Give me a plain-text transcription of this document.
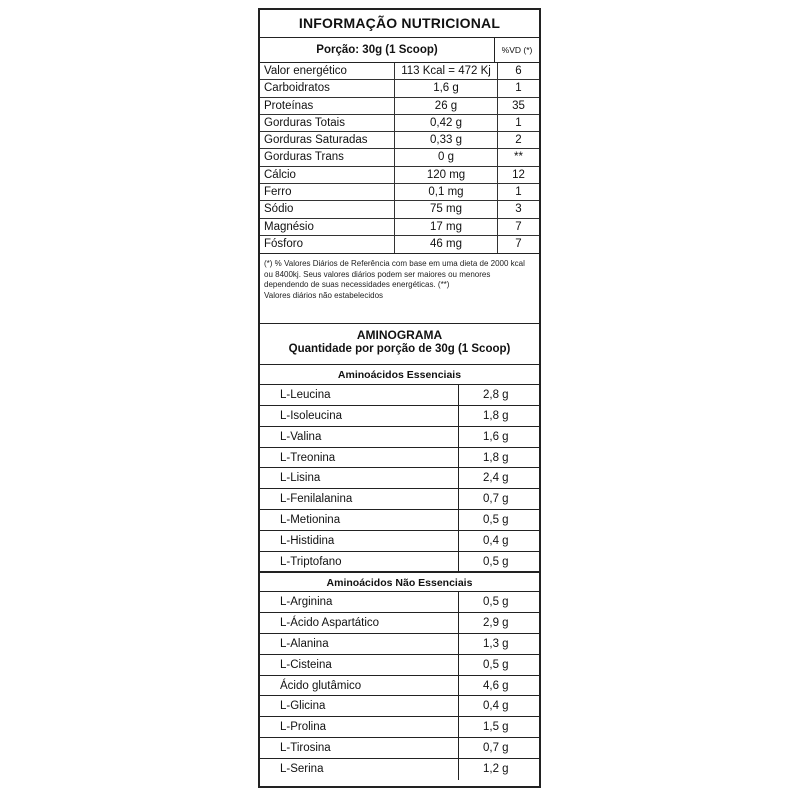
INFORMAÇÃO NUTRICIONAL
Porção: 30g (1 Scoop)	%VD (*)
Valor energético	113 Kcal = 472 Kj	6
Carboidratos	1,6 g	1
Proteínas	26 g	35
Gorduras Totais	0,42 g	1
Gorduras Saturadas	0,33 g	2
Gorduras Trans	0 g	**
Cálcio	120 mg	12
Ferro	0,1 mg	1
Sódio	75 mg	3
Magnésio	17 mg	7
Fósforo	46 mg	7

(*) % Valores Diários de Referência com base em uma dieta de 2000 kcal ou 8400kj. Seus valores diários podem ser maiores ou menores dependendo de suas necessidades energéticas. (**)

Valores diários não estabelecidos

AMINOGRAMA
Quantidade por porção de 30g (1 Scoop)
Aminoácidos Essenciais
L-Leucina	2,8 g
L-Isoleucina	1,8 g
L-Valina	1,6 g
L-Treonina	1,8 g
L-Lisina	2,4 g
L-Fenilalanina	0,7 g
L-Metionina	0,5 g
L-Histidina	0,4 g
L-Triptofano	0,5 g
Aminoácidos Não Essenciais
L-Arginina	0,5 g
L-Ácido Aspartático	2,9 g
L-Alanina	1,3 g
L-Cisteina	0,5 g
Ácido glutâmico	4,6 g
L-Glicina	0,4 g
L-Prolina	1,5 g
L-Tirosina	0,7 g
L-Serina	1,2 g
